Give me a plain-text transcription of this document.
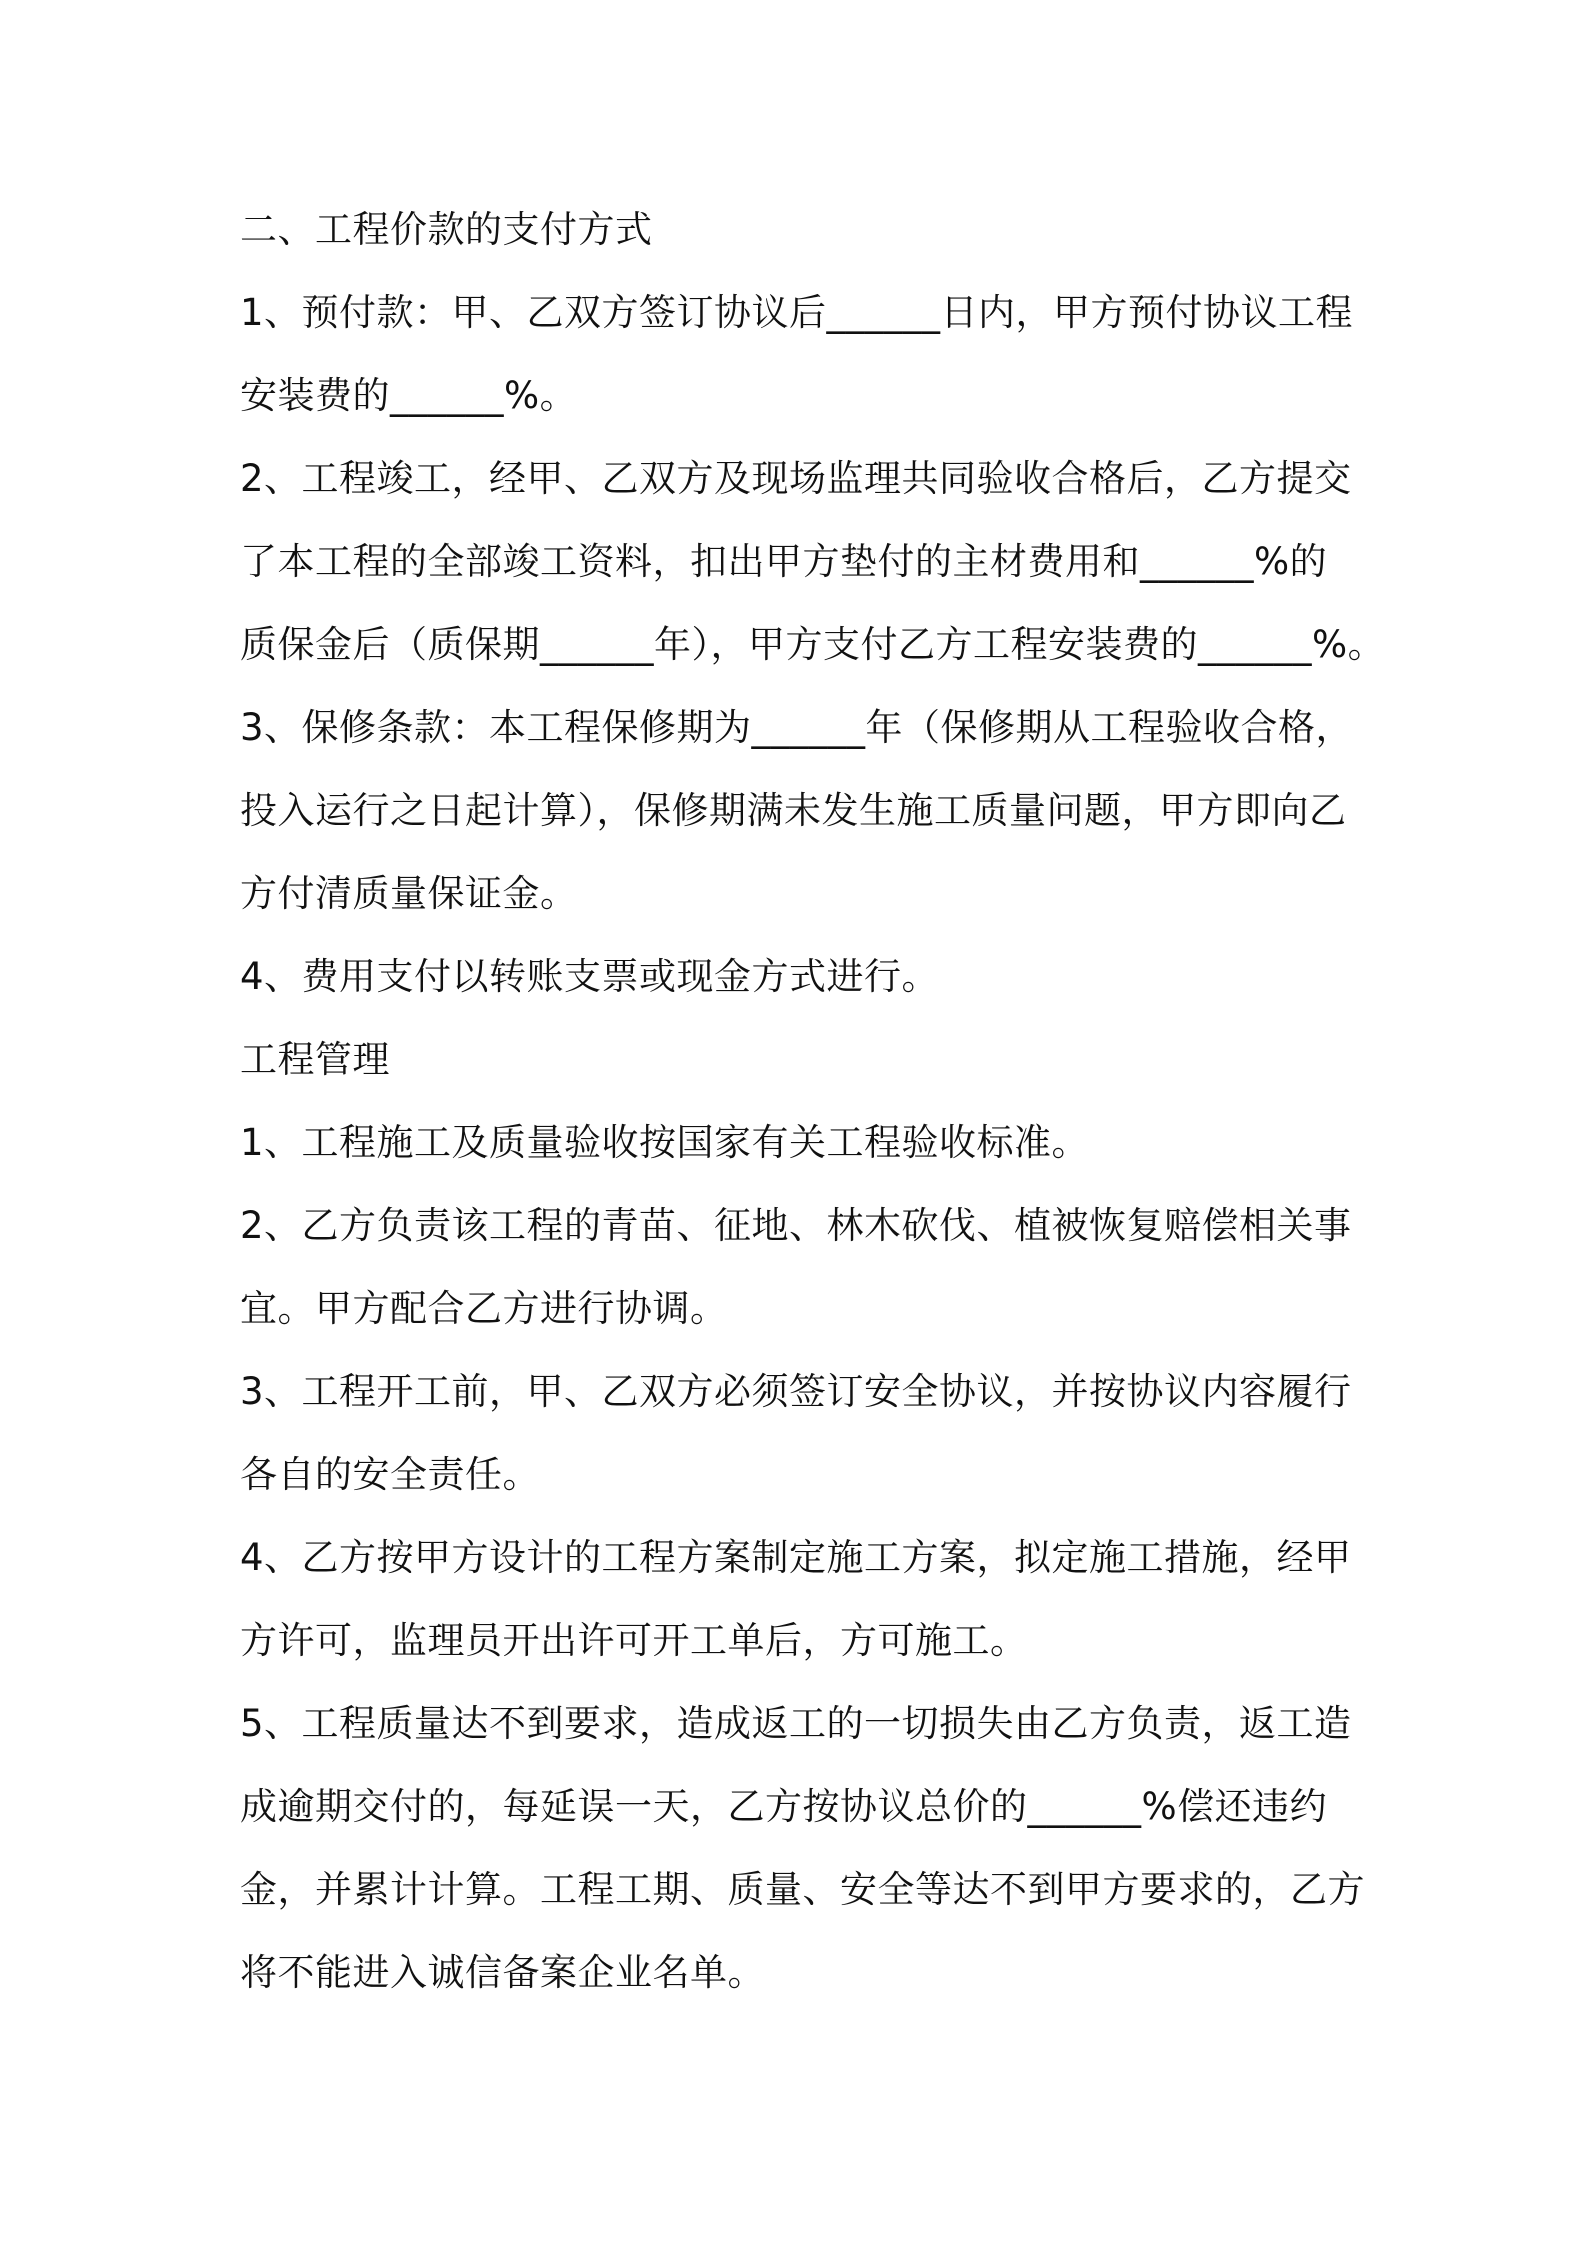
二、工程价款的支付方式

1、预付款：甲、乙双方签订协议后______日内，甲方预付协议工程

安装费的______%。

2、工程竣工，经甲、乙双方及现场监理共同验收合格后，乙方提交

了本工程的全部竣工资料，扣出甲方垫付的主材费用和______%的

质保金后（质保期______年），甲方支付乙方工程安装费的______%。

3、保修条款：本工程保修期为______年（保修期从工程验收合格，

投入运行之日起计算），保修期满未发生施工质量问题，甲方即向乙

方付清质量保证金。

4、费用支付以转账支票或现金方式进行。

工程管理

1、工程施工及质量验收按国家有关工程验收标准。

2、乙方负责该工程的青苗、征地、林木砍伐、植被恢复赔偿相关事

宜。甲方配合乙方进行协调。

3、工程开工前，甲、乙双方必须签订安全协议，并按协议内容履行

各自的安全责任。

4、乙方按甲方设计的工程方案制定施工方案，拟定施工措施，经甲

方许可，监理员开出许可开工单后，方可施工。

5、工程质量达不到要求，造成返工的一切损失由乙方负责，返工造

成逾期交付的，每延误一天，乙方按协议总价的______%偿还违约

金，并累计计算。工程工期、质量、安全等达不到甲方要求的，乙方

将不能进入诚信备案企业名单。
